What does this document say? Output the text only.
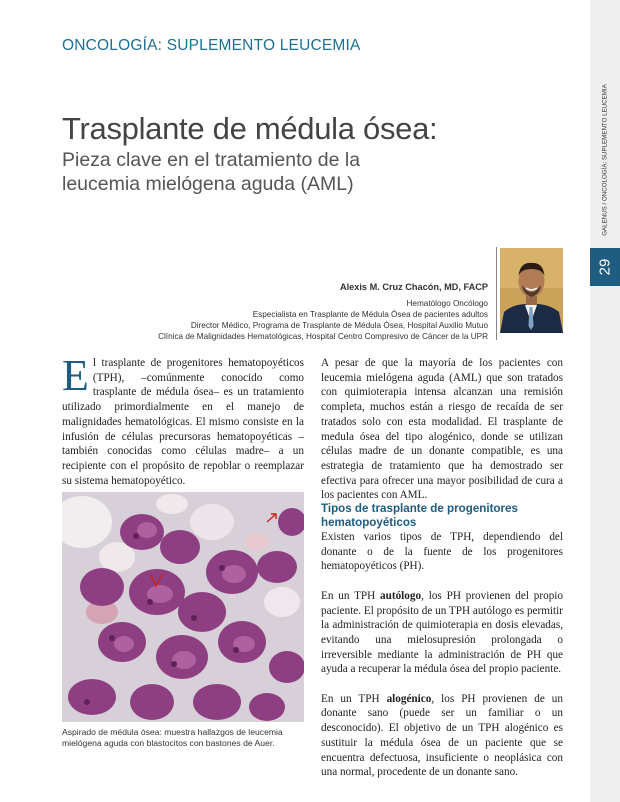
ONCOLOGÍA: SUPLEMENTO LEUCEMIA
GALENUS / ONCOLOGÍA: SUPLEMENTO LEUCEMIA
29
Trasplante de médula ósea:
Pieza clave en el tratamiento de la leucemia mielógena aguda (AML)
Alexis M. Cruz Chacón, MD, FACP
Hematólogo Oncólogo
Especialista en Trasplante de Médula Ósea de pacientes adultos
Director Médico, Programa de Trasplante de Médula Ósea, Hospital Auxilio Mutuo
Clínica de Malignidades Hematológicas, Hospital Centro Compresivo de Cáncer de la UPR

El trasplante de progenitores hematopoyéticos (TPH), –comúnmente conocido como trasplante de médula ósea– es un tratamiento utilizado primordialmente en el manejo de malignidades hematológicas. El mismo consiste en la infusión de células precursoras hematopoyéticas –también conocidas como células madre– a un recipiente con el propósito de repoblar o reemplazar su sistema hematopoyético.

A pesar de que la mayoría de los pacientes con leucemia mielógena aguda (AML) que son tratados con quimioterapia intensa alcanzan una remisión completa, muchos están a riesgo de recaída de ser tratados solo con esta modalidad. El trasplante de medula ósea del tipo alogénico, donde se utilizan células madre de un donante compatible, es una estrategia de tratamiento que ha demostrado ser efectiva para ofrecer una mayor posibilidad de cura a los pacientes con AML.

Tipos de trasplante de progenitores hematopoyéticos

Existen varios tipos de TPH, dependiendo del donante o de la fuente de los progenitores hematopoyéticos (PH).

En un TPH autólogo, los PH provienen del propio paciente. El propósito de un TPH autólogo es permitir la administración de quimioterapia en dosis elevadas, evitando una mielosupresión prolongada o irreversible mediante la administración de PH que ayuda a recuperar la médula ósea del propio paciente.

En un TPH alogénico, los PH provienen de un donante sano (puede ser un familiar o un desconocido). El objetivo de un TPH alogénico es sustituir la médula ósea de un paciente que se encuentra defectuosa, insuficiente o neoplásica con una normal, procedente de un donante sano.

Aspirado de médula ósea: muestra hallazgos de leucemia mielógena aguda con blastocitos con bastones de Auer.
